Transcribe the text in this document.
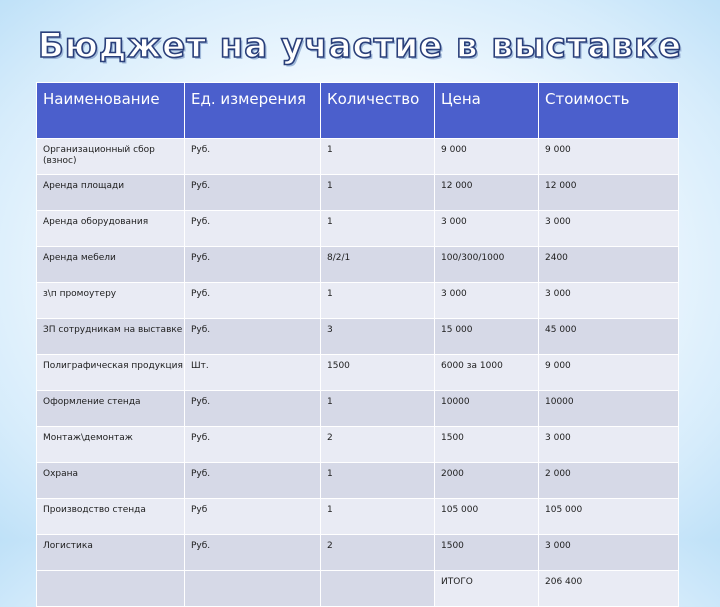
Бюджет на участие в выставке
Наименование	Ед. измерения	Количество	Цена	Стоимость
Организационный сбор (взнос)	Руб.	1	9 000	9 000
Аренда площади	Руб.	1	12 000	12 000
Аренда оборудования	Руб.	1	3 000	3 000
Аренда мебели	Руб.	8/2/1	100/300/1000	2400
з\п промоутеру	Руб.	1	3 000	3 000
ЗП сотрудникам на выставке	Руб.	3	15 000	45 000
Полиграфическая продукция	Шт.	1500	6000 за 1000	9 000
Оформление стенда	Руб.	1	10000	10000
Монтаж\демонтаж	Руб.	2	1500	3 000
Охрана	Руб.	1	2000	2 000
Производство стенда	Руб	1	105 000	105 000
Логистика	Руб.	2	1500	3 000
			ИТОГО	206 400
